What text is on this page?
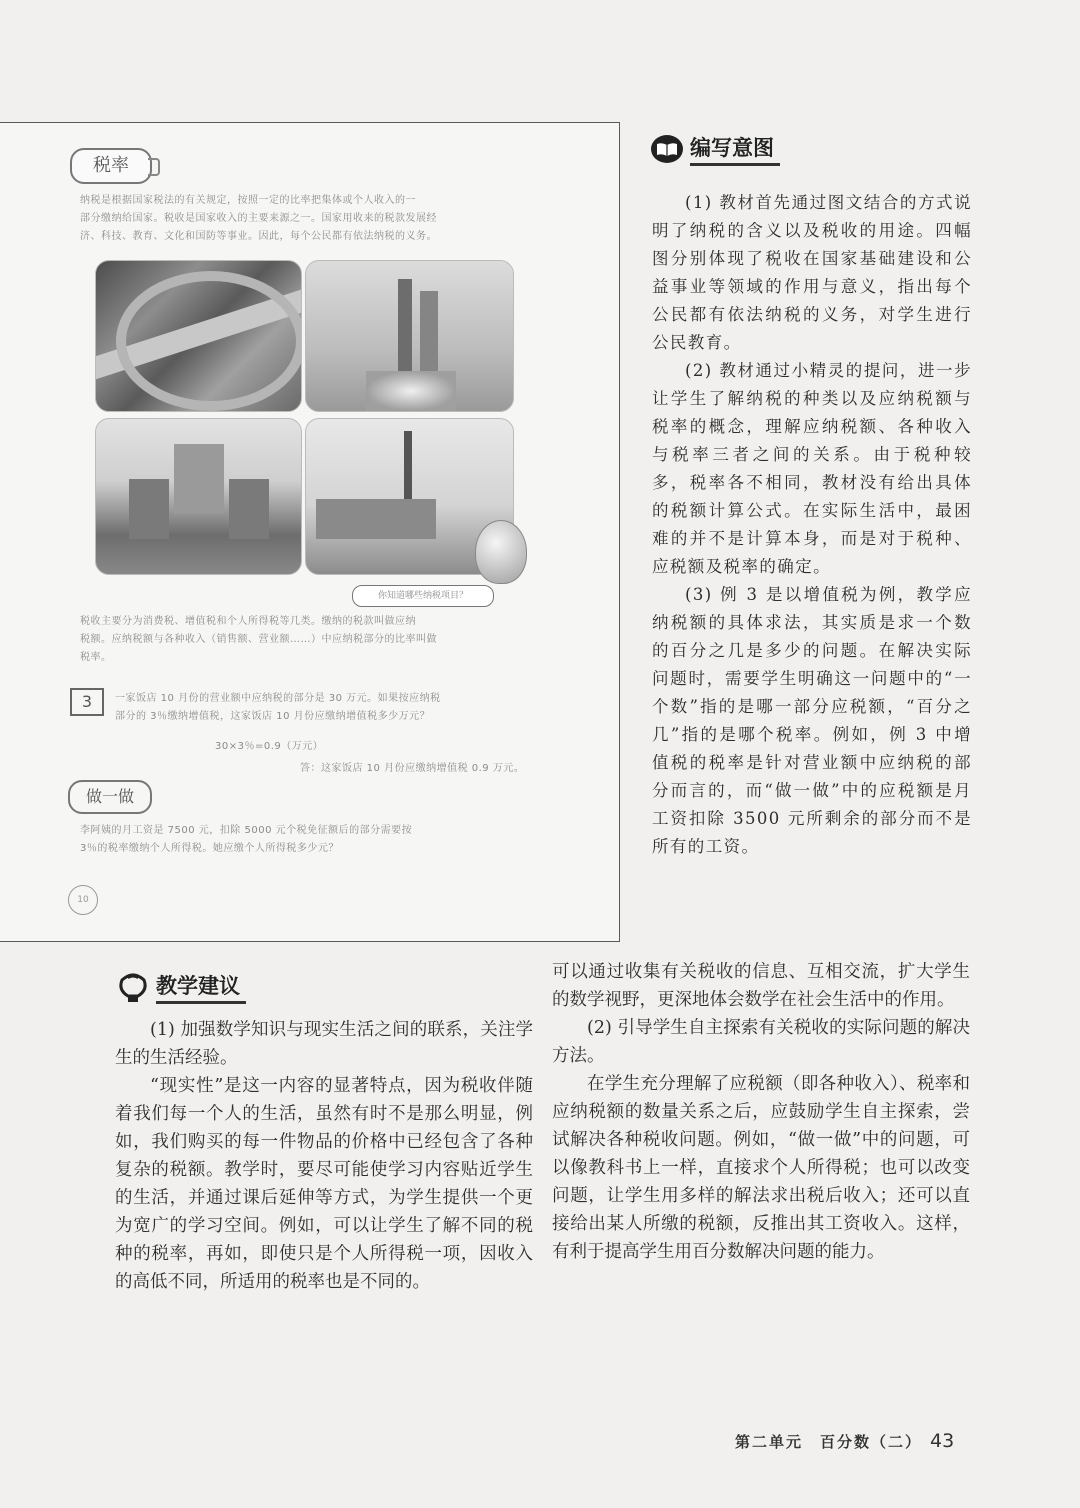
税率
纳税是根据国家税法的有关规定，按照一定的比率把集体或个人收入的一
部分缴纳给国家。税收是国家收入的主要来源之一。国家用收来的税款发展经
济、科技、教育、文化和国防等事业。因此，每个公民都有依法纳税的义务。
你知道哪些纳税项目？
税收主要分为消费税、增值税和个人所得税等几类。缴纳的税款叫做应纳
税额。应纳税额与各种收入（销售额、营业额……）中应纳税部分的比率叫做
税率。
3	一家饭店 10 月份的营业额中应纳税的部分是 30 万元。如果按应纳税
部分的 3％缴纳增值税，这家饭店 10 月份应缴纳增值税多少万元？
30×3％=0.9（万元）
答：这家饭店 10 月份应缴纳增值税 0.9 万元。
做一做
李阿姨的月工资是 7500 元，扣除 5000 元个税免征额后的部分需要按
3％的税率缴纳个人所得税。她应缴个人所得税多少元？
10
编写意图

(1) 教材首先通过图文结合的方式说明了纳税的含义以及税收的用途。四幅图分别体现了税收在国家基础建设和公益事业等领域的作用与意义，指出每个公民都有依法纳税的义务，对学生进行公民教育。

(2) 教材通过小精灵的提问，进一步让学生了解纳税的种类以及应纳税额与税率的概念，理解应纳税额、各种收入与税率三者之间的关系。由于税种较多，税率各不相同，教材没有给出具体的税额计算公式。在实际生活中，最困难的并不是计算本身，而是对于税种、应税额及税率的确定。

(3) 例 3 是以增值税为例，教学应纳税额的具体求法，其实质是求一个数的百分之几是多少的问题。在解决实际问题时，需要学生明确这一问题中的“一个数”指的是哪一部分应税额，“百分之几”指的是哪个税率。例如，例 3 中增值税的税率是针对营业额中应纳税的部分而言的，而“做一做”中的应税额是月工资扣除 3500 元所剩余的部分而不是所有的工资。

教学建议

(1) 加强数学知识与现实生活之间的联系，关注学生的生活经验。

“现实性”是这一内容的显著特点，因为税收伴随着我们每一个人的生活，虽然有时不是那么明显，例如，我们购买的每一件物品的价格中已经包含了各种复杂的税额。教学时，要尽可能使学习内容贴近学生的生活，并通过课后延伸等方式，为学生提供一个更为宽广的学习空间。例如，可以让学生了解不同的税种的税率，再如，即使只是个人所得税一项，因收入的高低不同，所适用的税率也是不同的。

可以通过收集有关税收的信息、互相交流，扩大学生的数学视野，更深地体会数学在社会生活中的作用。

(2) 引导学生自主探索有关税收的实际问题的解决方法。

在学生充分理解了应税额（即各种收入）、税率和应纳税额的数量关系之后，应鼓励学生自主探索，尝试解决各种税收问题。例如，“做一做”中的问题，可以像教科书上一样，直接求个人所得税；也可以改变问题，让学生用多样的解法求出税后收入；还可以直接给出某人所缴的税额，反推出其工资收入。这样，有利于提高学生用百分数解决问题的能力。

第二单元　百分数（二） 43
